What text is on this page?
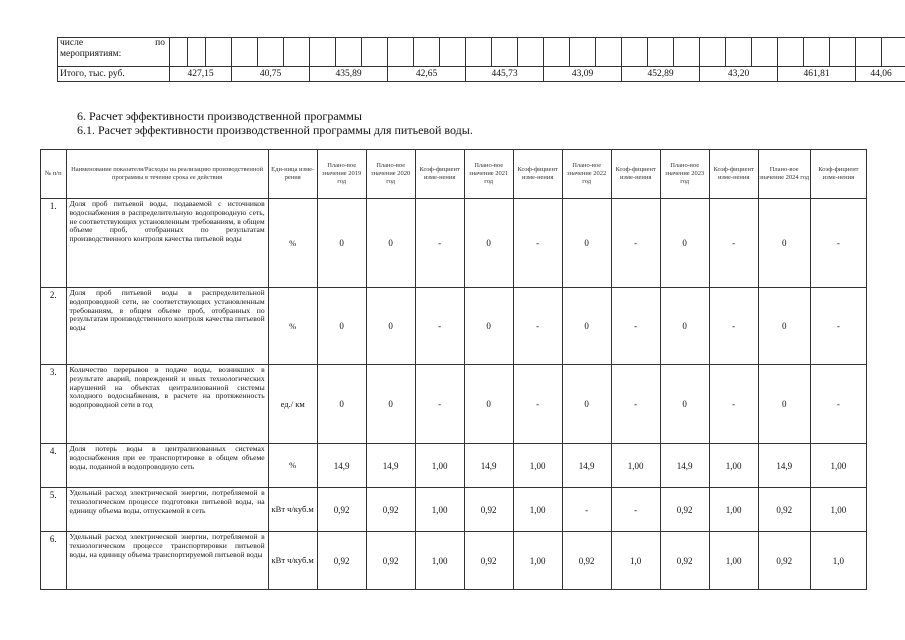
числе по
мероприятиям:																													
Итого, тыс. руб.	427,15			40,75			435,89			42,65			445,73			43,09			452,89			43,20			461,81			44,06	
6. Расчет эффективности производственной программы
6.1. Расчет эффективности производственной программы для питьевой воды.
№ п/п	Наименование показателя/Расходы на реализацию производственной программы в течение срока ее действия	Еди-ница изме-рения	Плано-вое значение 2019 год	Плано-вое значение 2020 год	Коэф-фициент изме-нения	Плано-вое значение 2021 год	Коэф-фициент изме-нения	Плано-вое значение 2022 год	Коэф-фициент изме-нения	Плано-вое значение 2023 год	Коэф-фициент изме-нения	Плано-вое значение 2024 год	Коэф-фициент изме-нения
1.	Доля проб питьевой воды, подаваемой с источников водоснабжения в распределительную водопроводную сеть, не соответствующих установленным требованиям, в общем объеме проб, отобранных по результатам производственного контроля качества питьевой воды	%	0	0	-	0	-	0	-	0	-	0	-
2.	Доля проб питьевой воды в распределительной водопроводной сети, не соответствующих установленным требованиям, в общем объеме проб, отобранных по результатам производственного контроля качества питьевой воды	%	0	0	-	0	-	0	-	0	-	0	-
3.	Количество перерывов в подаче воды, возникших в результате аварий, повреждений и иных технологических нарушений на объектах централизованной системы холодного водоснабжения, в расчете на протяженность водопроводной сети в год	ед./ км	0	0	-	0	-	0	-	0	-	0	-
4.	Доля потерь воды в централизованных системах водоснабжения при ее транспортировке в общем объеме воды, поданной в водопроводную сеть	%	14,9	14,9	1,00	14,9	1,00	14,9	1,00	14,9	1,00	14,9	1,00
5.	Удельный расход электрической энергии, потребляемой в технологическом процессе подготовки питьевой воды, на единицу объема воды, отпускаемой в сеть	кВт ч/куб.м	0,92	0,92	1,00	0,92	1,00	-	-	0,92	1,00	0,92	1,00
6.	Удельный расход электрической энергии, потребляемой в технологическом процессе транспортировки питьевой воды, на единицу объема транспортируемой питьевой воды	кВт ч/куб.м	0,92	0,92	1,00	0,92	1,00	0,92	1,0	0,92	1,00	0,92	1,0
